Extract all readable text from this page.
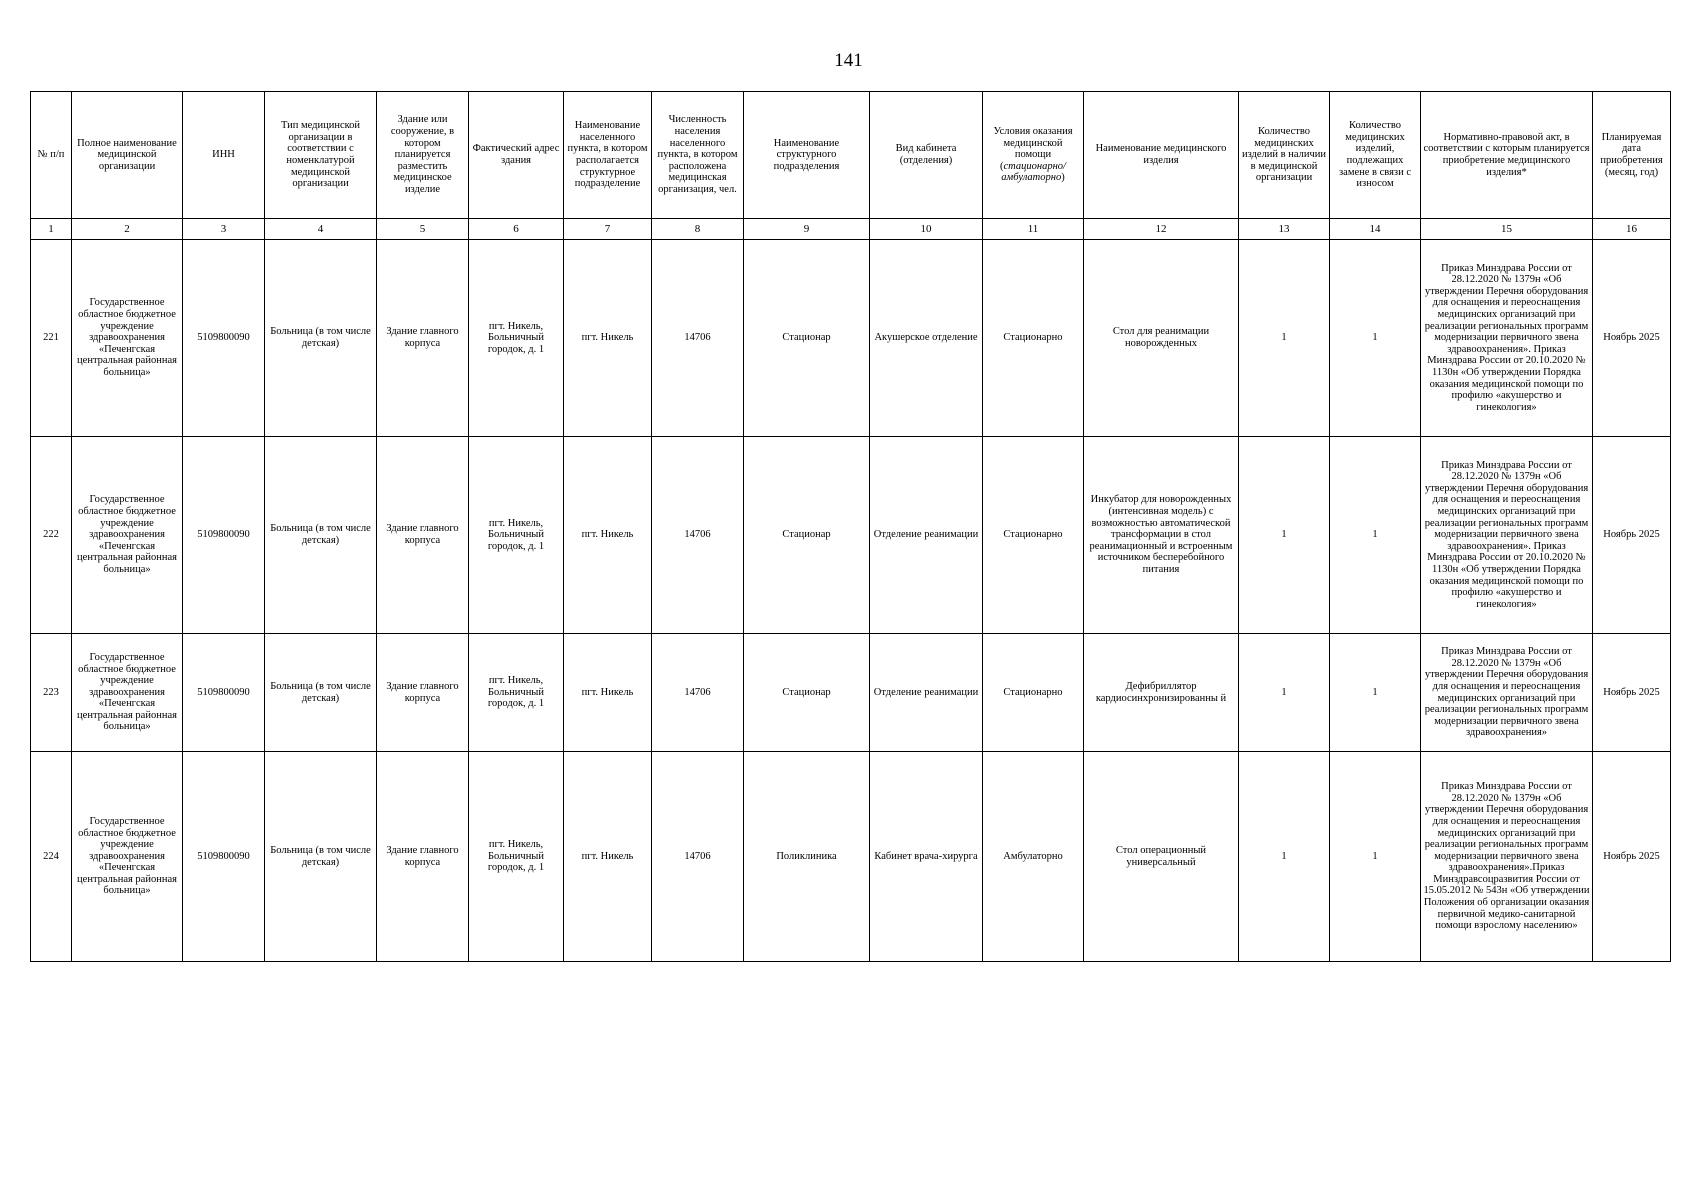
141
№ п/п	Полное наименование медицинской организации	ИНН	Тип медицинской организации в соответствии с номенклатурой медицинской организации	Здание или сооружение, в котором планируется разместить медицинское изделие	Фактический адрес здания	Наименование населенного пункта, в котором располагается структурное подразделение	Численность населения населенного пункта, в котором расположена медицинская организация, чел.	Наименование структурного подразделения	Вид кабинета (отделения)	Условия оказания медицинской помощи (стационарно/ амбулаторно)	Наименование медицинского изделия	Количество медицинских изделий в наличии в медицинской организации	Количество медицинских изделий, подлежащих замене в связи с износом	Нормативно-правовой акт, в соответствии с которым планируется приобретение медицинского изделия*	Планируемая дата приобретения (месяц, год)
1	2	3	4	5	6	7	8	9	10	11	12	13	14	15	16
221	Государственное областное бюджетное учреждение здравоохранения «Печенгская центральная районная больница»	5109800090	Больница (в том числе детская)	Здание главного корпуса	пгт. Никель, Больничный городок, д. 1	пгт. Никель	14706	Стационар	Акушерское отделение	Стационарно	Стол для реанимации новорожденных	1	1	Приказ Минздрава России от 28.12.2020 № 1379н «Об утверждении Перечня оборудования для оснащения и переоснащения медицинских организаций при реализации региональных программ модернизации первичного звена здравоохранения». Приказ Минздрава России от 20.10.2020 № 1130н «Об утверждении Порядка оказания медицинской помощи по профилю «акушерство и гинекология»	Ноябрь 2025
222	Государственное областное бюджетное учреждение здравоохранения «Печенгская центральная районная больница»	5109800090	Больница (в том числе детская)	Здание главного корпуса	пгт. Никель, Больничный городок, д. 1	пгт. Никель	14706	Стационар	Отделение реанимации	Стационарно	Инкубатор для новорожденных (интенсивная модель) с возможностью автоматической трансформации в стол реанимационный и встроенным источником бесперебойного питания	1	1	Приказ Минздрава России от 28.12.2020 № 1379н «Об утверждении Перечня оборудования для оснащения и переоснащения медицинских организаций при реализации региональных программ модернизации первичного звена здравоохранения». Приказ Минздрава России от 20.10.2020 № 1130н «Об утверждении Порядка оказания медицинской помощи по профилю «акушерство и гинекология»	Ноябрь 2025
223	Государственное областное бюджетное учреждение здравоохранения «Печенгская центральная районная больница»	5109800090	Больница (в том числе детская)	Здание главного корпуса	пгт. Никель, Больничный городок, д. 1	пгт. Никель	14706	Стационар	Отделение реанимации	Стационарно	Дефибриллятор кардиосинхронизированны й	1	1	Приказ Минздрава России от 28.12.2020 № 1379н «Об утверждении Перечня оборудования для оснащения и переоснащения медицинских организаций при реализации региональных программ модернизации первичного звена здравоохранения»	Ноябрь 2025
224	Государственное областное бюджетное учреждение здравоохранения «Печенгская центральная районная больница»	5109800090	Больница (в том числе детская)	Здание главного корпуса	пгт. Никель, Больничный городок, д. 1	пгт. Никель	14706	Поликлиника	Кабинет врача-хирурга	Амбулаторно	Стол операционный универсальный	1	1	Приказ Минздрава России от 28.12.2020 № 1379н «Об утверждении Перечня оборудования для оснащения и переоснащения медицинских организаций при реализации региональных программ модернизации первичного звена здравоохранения».Приказ Минздравсоцразвития России от 15.05.2012 № 543н «Об утверждении Положения об организации оказания первичной медико-санитарной помощи взрослому населению»	Ноябрь 2025
